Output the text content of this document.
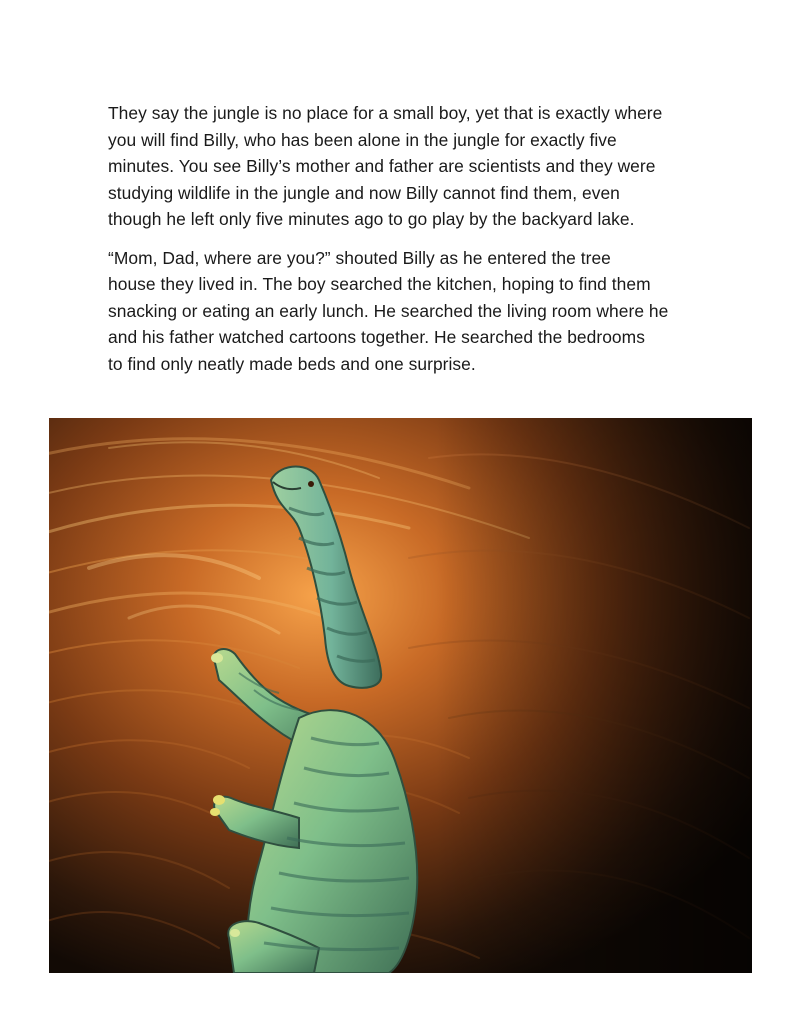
They say the jungle is no place for a small boy, yet that is exactly where
you will find Billy, who has been alone in the jungle for exactly five
minutes. You see Billy’s mother and father are scientists and they were
studying wildlife in the jungle and now Billy cannot find them, even
though he left only five minutes ago to go play by the backyard lake.

“Mom, Dad, where are you?” shouted Billy as he entered the tree
house they lived in. The boy searched the kitchen, hoping to find them
snacking or eating an early lunch. He searched the living room where he
and his father watched cartoons together. He searched the bedrooms
to find only neatly made beds and one surprise.
